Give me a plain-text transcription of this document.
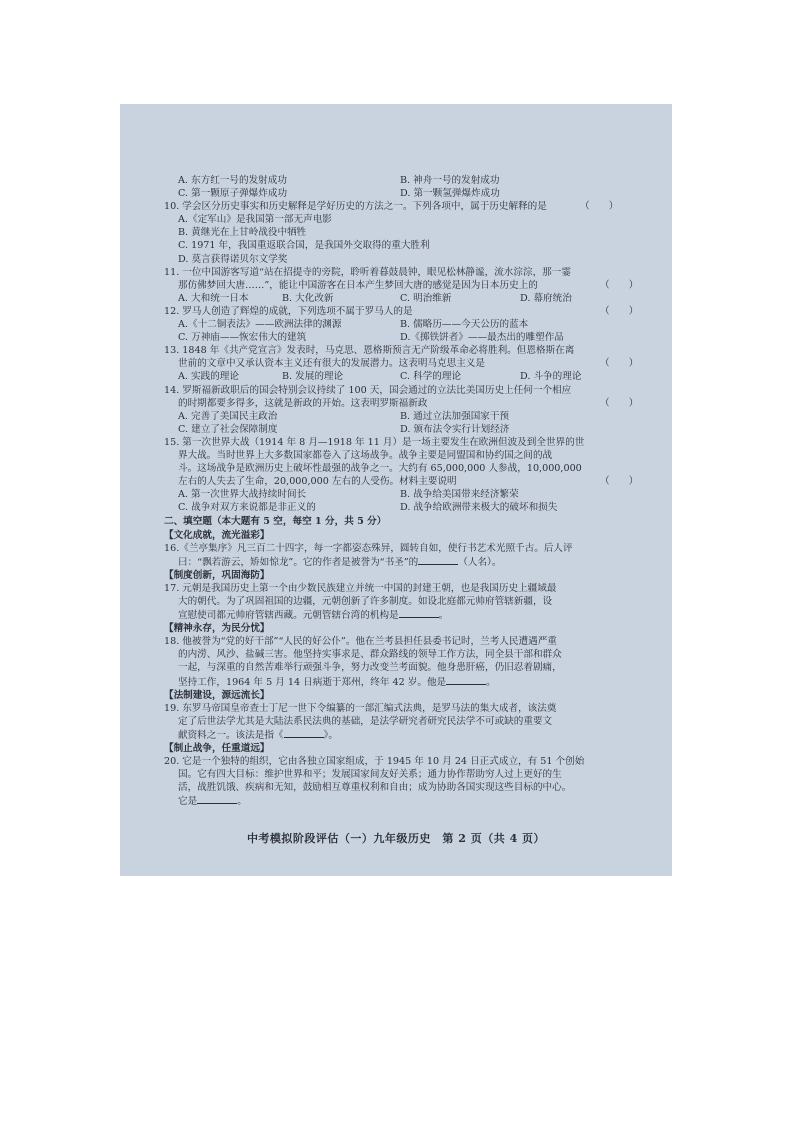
A. 东方红一号的发射成功	B. 神舟一号的发射成功
C. 第一颗原子弹爆炸成功	D. 第一颗氢弹爆炸成功
10. 学会区分历史事实和历史解释是学好历史的方法之一。下列各项中，属于历史解释的是	（　　）
A.《定军山》是我国第一部无声电影
B. 黄继光在上甘岭战役中牺牲
C. 1971 年，我国重返联合国，是我国外交取得的重大胜利
D. 莫言获得诺贝尔文学奖
11. 一位中国游客写道“站在招提寺的旁院，聆听着暮鼓晨钟，眼见松林静谧，流水淙淙，那一霎
那仿佛梦回大唐……”，能让中国游客在日本产生梦回大唐的感觉是因为日本历史上的	（　　）
A. 大和统一日本	B. 大化改新	C. 明治维新	D. 幕府统治
12. 罗马人创造了辉煌的成就，下列选项不属于罗马人的是	（　　）
A.《十二铜表法》——欧洲法律的渊源	B. 儒略历——今天公历的蓝本
C. 万神庙——恢宏伟大的建筑	D.《掷铁饼者》——最杰出的雕塑作品
13. 1848 年《共产党宣言》发表时，马克思、恩格斯预言无产阶级革命必将胜利。但恩格斯在离
世前的文章中又承认资本主义还有很大的发展潜力。这表明马克思主义是	（　　）
A. 实践的理论	B. 发展的理论	C. 科学的理论	D. 斗争的理论
14. 罗斯福新政职后的国会特别会议持续了 100 天，国会通过的立法比美国历史上任何一个相应
的时期都要多得多，这就是新政的开始。这表明罗斯福新政	（　　）
A. 完善了美国民主政治	B. 通过立法加强国家干预
C. 建立了社会保障制度	D. 颁布法令实行计划经济
15. 第一次世界大战（1914 年 8 月—1918 年 11 月）是一场主要发生在欧洲但波及到全世界的世
界大战。当时世界上大多数国家都卷入了这场战争。战争主要是同盟国和协约国之间的战
斗。这场战争是欧洲历史上破坏性最强的战争之一。大约有 65,000,000 人参战，10,000,000
左右的人失去了生命，20,000,000 左右的人受伤。材料主要说明	（　　）
A. 第一次世界大战持续时间长	B. 战争给美国带来经济繁荣
C. 战争对双方来说都是非正义的	D. 战争给欧洲带来极大的破坏和损失
二、填空题（本大题有 5 空，每空 1 分，共 5 分）
【文化成就，流光溢彩】
16.《兰亭集序》凡三百二十四字，每一字都姿态殊异，圆转自如，使行书艺术光照千古。后人评
曰：“飘若游云，矫如惊龙”。它的作者是被誉为“书圣”的	（人名）。
【制度创新，巩固海防】
17. 元朝是我国历史上第一个由少数民族建立并统一中国的封建王朝，也是我国历史上疆域最
大的朝代。为了巩固祖国的边疆，元朝创新了许多制度。如设北庭都元帅府管辖新疆，设
宣慰使司都元帅府管辖西藏。元朝管辖台湾的机构是	。
【精神永存，为民分忧】
18. 他被誉为“党的好干部”“人民的好公仆”。他在兰考县担任县委书记时，兰考人民遭遇严重
的内涝、风沙、盐碱三害。他坚持实事求是、群众路线的领导工作方法，同全县干部和群众
一起，与深重的自然苦难举行顽强斗争，努力改变兰考面貌。他身患肝癌，仍旧忍着剧痛，
坚持工作，1964 年 5 月 14 日病逝于郑州，终年 42 岁。他是	。
【法制建设，源远流长】
19. 东罗马帝国皇帝查士丁尼一世下令编纂的一部汇编式法典，是罗马法的集大成者，该法奠
定了后世法学尤其是大陆法系民法典的基础，是法学研究者研究民法学不可或缺的重要文
献资料之一。该法是指《	》。
【制止战争，任重道远】
20. 它是一个独特的组织，它由各独立国家组成，于 1945 年 10 月 24 日正式成立，有 51 个创始
国。它有四大目标：维护世界和平；发展国家间友好关系；通力协作帮助穷人过上更好的生
活，战胜饥饿、疾病和无知，鼓励相互尊重权利和自由；成为协助各国实现这些目标的中心。
它是	。
中考模拟阶段评估（一）九年级历史　第 2 页（共 4 页）
